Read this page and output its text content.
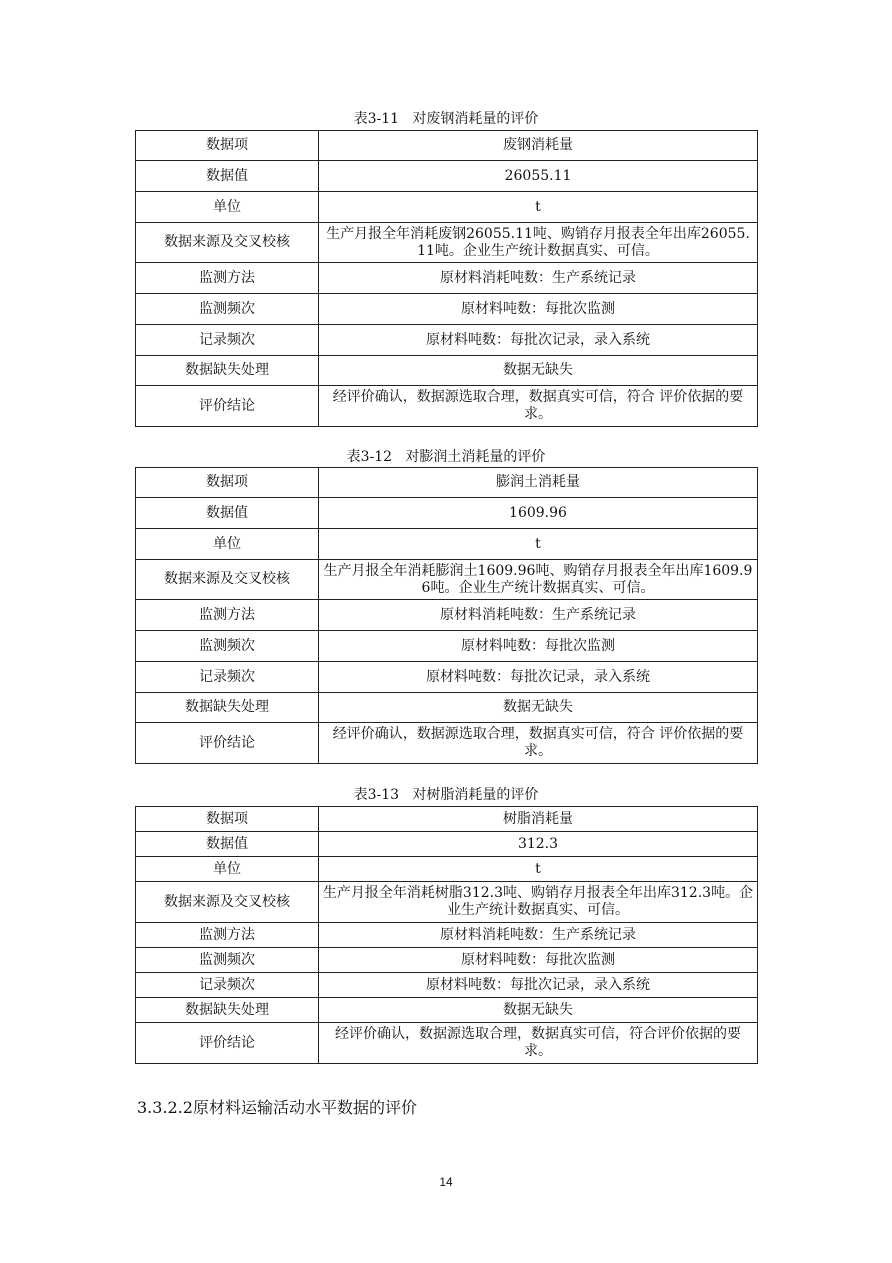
表3-11   对废钢消耗量的评价
数据项	废钢消耗量
数据值	26055.11
单位	t
数据来源及交叉校核	生产月报全年消耗废钢26055.11吨、购销存月报表全年出库26055.11吨。企业生产统计数据真实、可信。
监测方法	原材料消耗吨数：生产系统记录
监测频次	原材料吨数：每批次监测
记录频次	原材料吨数：每批次记录，录入系统
数据缺失处理	数据无缺失
评价结论	经评价确认，数据源选取合理，数据真实可信，符合 评价依据的要求。
表3-12   对膨润土消耗量的评价
数据项	膨润土消耗量
数据值	1609.96
单位	t
数据来源及交叉校核	生产月报全年消耗膨润土1609.96吨、购销存月报表全年出库1609.96吨。企业生产统计数据真实、可信。
监测方法	原材料消耗吨数：生产系统记录
监测频次	原材料吨数：每批次监测
记录频次	原材料吨数：每批次记录，录入系统
数据缺失处理	数据无缺失
评价结论	经评价确认，数据源选取合理，数据真实可信，符合 评价依据的要求。
表3-13   对树脂消耗量的评价
数据项	树脂消耗量
数据值	312.3
单位	t
数据来源及交叉校核	生产月报全年消耗树脂312.3吨、购销存月报表全年出库312.3吨。企业生产统计数据真实、可信。
监测方法	原材料消耗吨数：生产系统记录
监测频次	原材料吨数：每批次监测
记录频次	原材料吨数：每批次记录，录入系统
数据缺失处理	数据无缺失
评价结论	经评价确认，数据源选取合理，数据真实可信，符合评价依据的要求。
3.3.2.2原材料运输活动水平数据的评价
14
